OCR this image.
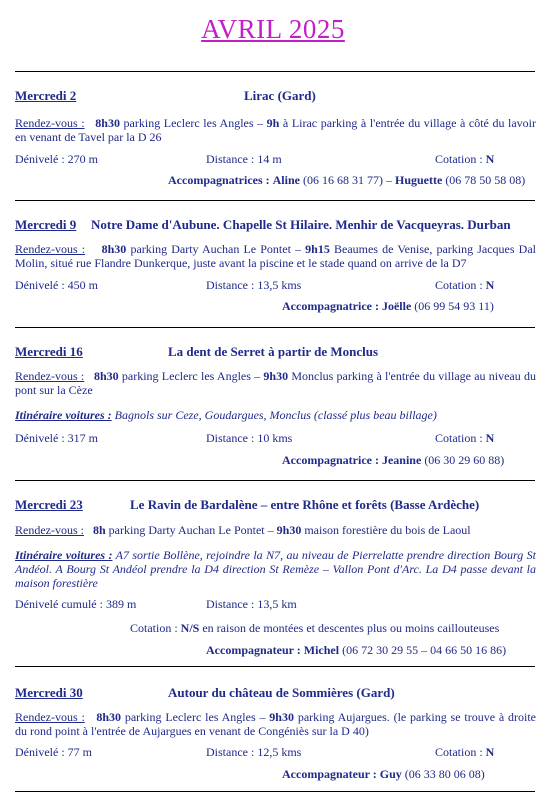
AVRIL 2025
Mercredi 2	Lirac (Gard)
Rendez-vous : 8h30 parking Leclerc les Angles – 9h à Lirac parking à l'entrée du village à côté du lavoir en venant de Tavel par la D 26
Dénivelé : 270 m	Distance : 14 m	Cotation : N
Accompagnatrices : Aline (06 16 68 31 77) – Huguette (06 78 50 58 08)
Mercredi 9 Notre Dame d'Aubune. Chapelle St Hilaire. Menhir de Vacqueyras. Durban
Rendez-vous : 8h30 parking Darty Auchan Le Pontet – 9h15 Beaumes de Venise, parking Jacques Dal Molin, situé rue Flandre Dunkerque, juste avant la piscine et le stade quand on arrive de la D7
Dénivelé : 450 m	Distance : 13,5 kms	Cotation : N
Accompagnatrice : Joëlle (06 99 54 93 11)
Mercredi 16	La dent de Serret à partir de Monclus
Rendez-vous : 8h30 parking Leclerc les Angles – 9h30 Monclus parking à l'entrée du village au niveau du pont sur la Cèze
Itinéraire voitures : Bagnols sur Ceze, Goudargues, Monclus (classé plus beau billage)
Dénivelé : 317 m	Distance : 10 kms	Cotation : N
Accompagnatrice : Jeanine (06 30 29 60 88)
Mercredi 23	Le Ravin de Bardalène – entre Rhône et forêts (Basse Ardèche)
Rendez-vous : 8h parking Darty Auchan Le Pontet – 9h30 maison forestière du bois de Laoul
Itinéraire voitures : A7 sortie Bollène, rejoindre la N7, au niveau de Pierrelatte prendre direction Bourg St Andéol. A Bourg St Andéol prendre la D4 direction St Remèze – Vallon Pont d'Arc. La D4 passe devant la maison forestière
Dénivelé cumulé : 389 m	Distance : 13,5 km
Cotation : N/S en raison de montées et descentes plus ou moins caillouteuses
Accompagnateur : Michel (06 72 30 29 55 – 04 66 50 16 86)
Mercredi 30	Autour du château de Sommières (Gard)
Rendez-vous : 8h30 parking Leclerc les Angles – 9h30 parking Aujargues. (le parking se trouve à droite du rond point à l'entrée de Aujargues en venant de Congéniès sur la D 40)
Dénivelé : 77 m	Distance : 12,5 kms	Cotation : N
Accompagnateur : Guy (06 33 80 06 08)
